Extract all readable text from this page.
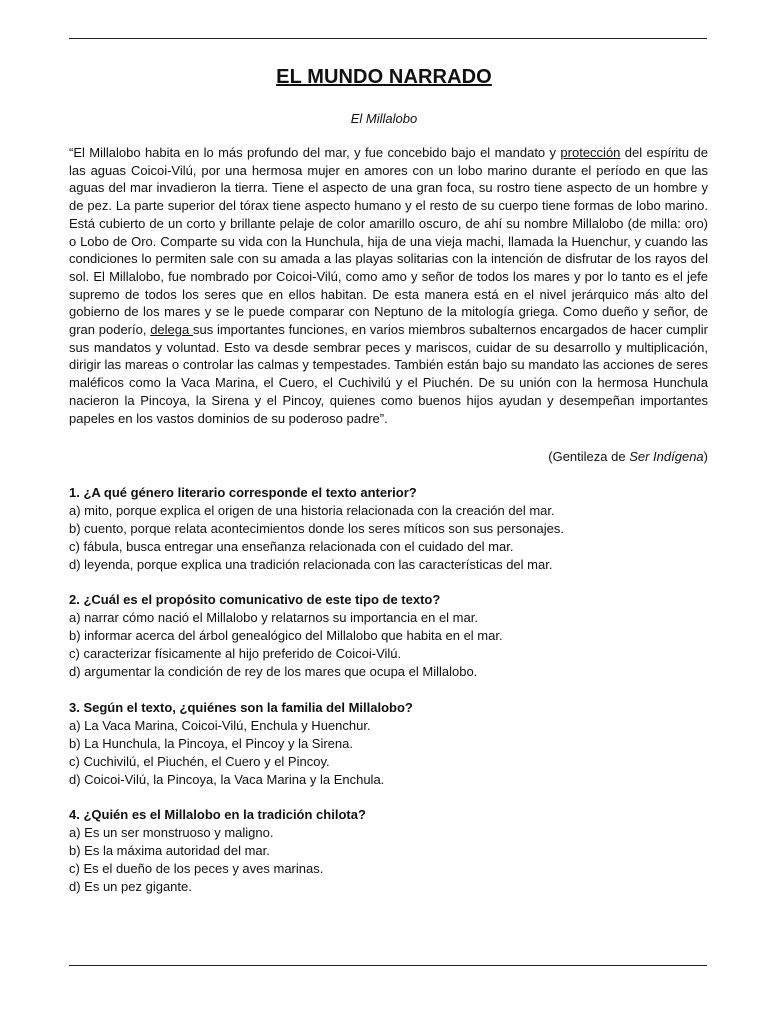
EL MUNDO NARRADO
El Millalobo

“El Millalobo habita en lo más profundo del mar, y fue concebido bajo el mandato y protección del espíritu de las aguas Coicoi-Vilú, por una hermosa mujer en amores con un lobo marino durante el período en que las aguas del mar invadieron la tierra. Tiene el aspecto de una gran foca, su rostro tiene aspecto de un hombre y de pez. La parte superior del tórax tiene aspecto humano y el resto de su cuerpo tiene formas de lobo marino. Está cubierto de un corto y brillante pelaje de color amarillo oscuro, de ahí su nombre Millalobo (de milla: oro) o Lobo de Oro. Comparte su vida con la Hunchula, hija de una vieja machi, llamada la Huenchur, y cuando las condiciones lo permiten sale con su amada a las playas solitarias con la intención de disfrutar de los rayos del sol. El Millalobo, fue nombrado por Coicoi-Vilú, como amo y señor de todos los mares y por lo tanto es el jefe supremo de todos los seres que en ellos habitan. De esta manera está en el nivel jerárquico más alto del gobierno de los mares y se le puede comparar con Neptuno de la mitología griega. Como dueño y señor, de gran poderío, delega sus importantes funciones, en varios miembros subalternos encargados de hacer cumplir sus mandatos y voluntad. Esto va desde sembrar peces y mariscos, cuidar de su desarrollo y multiplicación, dirigir las mareas o controlar las calmas y tempestades. También están bajo su mandato las acciones de seres maléficos como la Vaca Marina, el Cuero, el Cuchivilú y el Piuchén. De su unión con la hermosa Hunchula nacieron la Pincoya, la Sirena y el Pincoy, quienes como buenos hijos ayudan y desempeñan importantes papeles en los vastos dominios de su poderoso padre”.

(Gentileza de Ser Indígena)
1. ¿A qué género literario corresponde el texto anterior?
a) mito, porque explica el origen de una historia relacionada con la creación del mar.
b) cuento, porque relata acontecimientos donde los seres míticos son sus personajes.
c) fábula, busca entregar una enseñanza relacionada con el cuidado del mar.
d) leyenda, porque explica una tradición relacionada con las características del mar.
2. ¿Cuál es el propósito comunicativo de este tipo de texto?
a) narrar cómo nació el Millalobo y relatarnos su importancia en el mar.
b) informar acerca del árbol genealógico del Millalobo que habita en el mar.
c) caracterizar físicamente al hijo preferido de Coicoi-Vilú.
d) argumentar la condición de rey de los mares que ocupa el Millalobo.
3. Según el texto, ¿quiénes son la familia del Millalobo?
a) La Vaca Marina, Coicoi-Vilú, Enchula y Huenchur.
b) La Hunchula, la Pincoya, el Pincoy y la Sirena.
c) Cuchivilú, el Piuchén, el Cuero y el Pincoy.
d) Coicoi-Vilú, la Pincoya, la Vaca Marina y la Enchula.
4. ¿Quién es el Millalobo en la tradición chilota?
a) Es un ser monstruoso y maligno.
b) Es la máxima autoridad del mar.
c) Es el dueño de los peces y aves marinas.
d) Es un pez gigante.
